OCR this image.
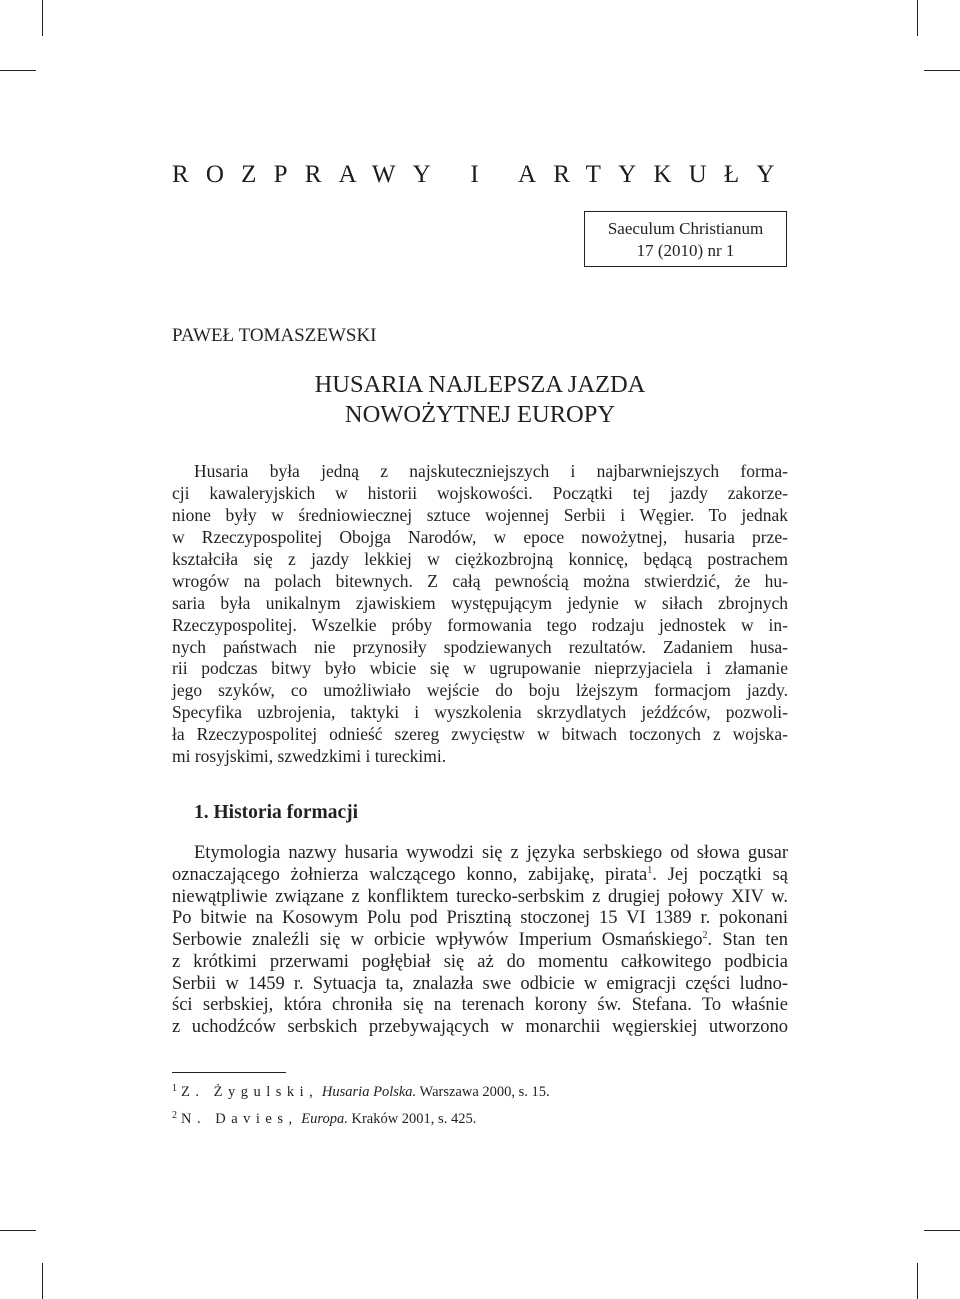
ROZPRAWY I ARTYKUŁY
Saeculum Christianum
17 (2010) nr 1
PAWEŁ TOMASZEWSKI
HUSARIA NAJLEPSZA JAZDA
NOWOŻYTNEJ EUROPY
Husaria była jedną z najskuteczniejszych i najbarwniejszych forma-
cji kawaleryjskich w historii wojskowości. Początki tej jazdy zakorze-
nione były w średniowiecznej sztuce wojennej Serbii i Węgier. To jednak
w Rzeczypospolitej Obojga Narodów, w epoce nowożytnej, husaria prze-
kształciła się z jazdy lekkiej w ciężkozbrojną konnicę, będącą postrachem
wrogów na polach bitewnych. Z całą pewnością można stwierdzić, że hu-
saria była unikalnym zjawiskiem występującym jedynie w siłach zbrojnych
Rzeczypospolitej. Wszelkie próby formowania tego rodzaju jednostek w in-
nych państwach nie przynosiły spodziewanych rezultatów. Zadaniem husa-
rii podczas bitwy było wbicie się w ugrupowanie nieprzyjaciela i złamanie
jego szyków, co umożliwiało wejście do boju lżejszym formacjom jazdy.
Specyfika uzbrojenia, taktyki i wyszkolenia skrzydlatych jeźdźców, pozwoli-
ła Rzeczypospolitej odnieść szereg zwycięstw w bitwach toczonych z wojska-
mi rosyjskimi, szwedzkimi i tureckimi.
1. Historia formacji
Etymologia nazwy husaria wywodzi się z języka serbskiego od słowa gusar
oznaczającego żołnierza walczącego konno, zabijakę, pirata$^1$. Jej początki są
niewątpliwie związane z konfliktem turecko-serbskim z drugiej połowy XIV w.
Po bitwie na Kosowym Polu pod Prisztiną stoczonej 15 VI 1389 r. pokonani
Serbowie znaleźli się w orbicie wpływów Imperium Osmańskiego$^2$. Stan ten
z krótkimi przerwami pogłębiał się aż do momentu całkowitego podbicia
Serbii w 1459 r. Sytuacja ta, znalazła swe odbicie w emigracji części ludno-
ści serbskiej, która chroniła się na terenach korony św. Stefana. To właśnie
z uchodźców serbskich przebywających w monarchii węgierskiej utworzono
$^1$ Z. Żygulski, Husaria Polska. Warszawa 2000, s. 15.
$^2$ N. Davies, Europa. Kraków 2001, s. 425.
